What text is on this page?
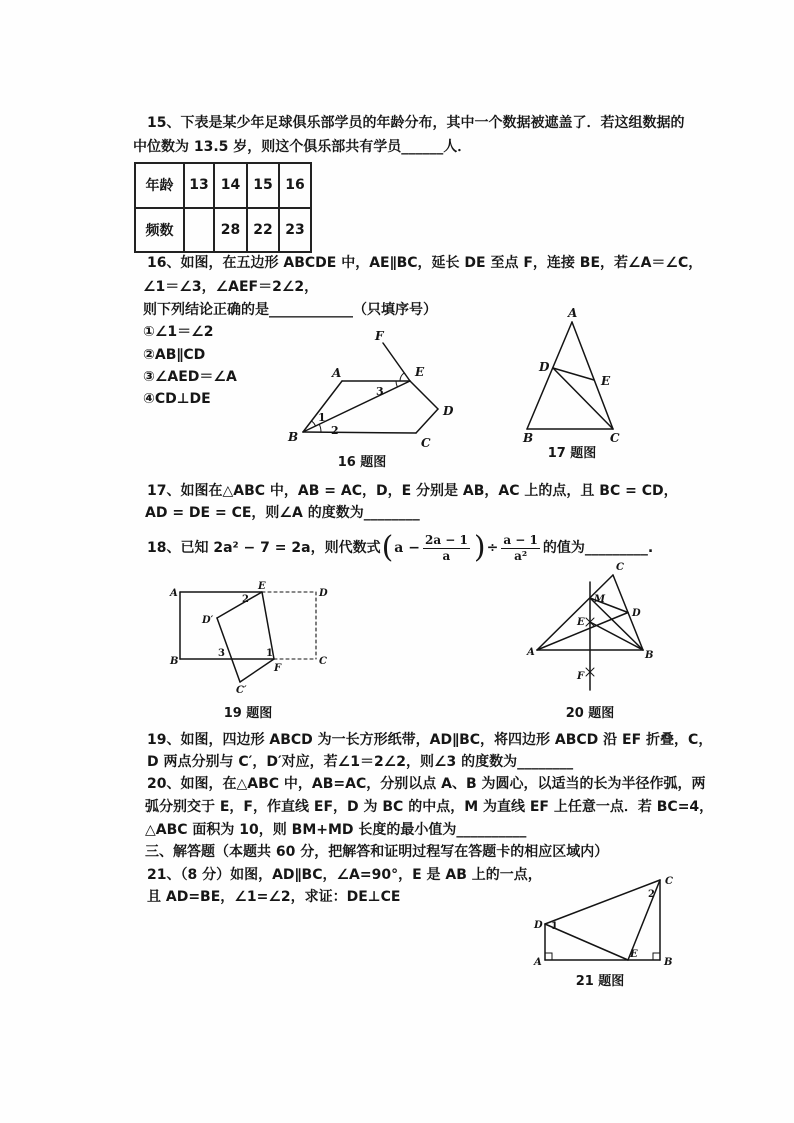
15、下表是某少年足球俱乐部学员的年龄分布，其中一个数据被遮盖了．若这组数据的
中位数为 13.5 岁，则这个俱乐部共有学员______人．
年龄	13	14	15	16
频数		28	22	23
16、如图，在五边形 ABCDE 中，AE∥BC，延长 DE 至点 F，连接 BE，若∠A＝∠C，
∠1＝∠3，∠AEF＝2∠2，
则下列结论正确的是____________（只填序号）
①∠1＝∠2
②AB∥CD
③∠AED＝∠A
④CD⊥DE
F
A	E
B	C
D
3
1
2
16 题图
A
D
E
B	C
17 题图
17、如图在△ABC 中，AB = AC，D，E 分别是 AB，AC 上的点，且 BC = CD，
AD = DE = CE，则∠A 的度数为________
18、已知 2a² − 7 = 2a，则代数式 ( $a - \frac{2a - 1}{a}$ ) ÷ $\frac{a - 1}{\text{a²}}$ 的值为 _________ .
A
E
D
D′
B
F
C
C′
2
3	1
19 题图
C
M
D
E
A	B
F
20 题图
19、如图，四边形 ABCD 为一长方形纸带，AD∥BC，将四边形 ABCD 沿 EF 折叠，C，
D 两点分别与 C′，D′对应，若∠1＝2∠2，则∠3 的度数为________
20、如图，在△ABC 中，AB=AC，分别以点 A、B 为圆心，以适当的长为半径作弧，两
弧分别交于 E，F，作直线 EF，D 为 BC 的中点，M 为直线 EF 上任意一点．若 BC=4，
△ABC 面积为 10，则 BM+MD 长度的最小值为__________
三、解答题（本题共 60 分，把解答和证明过程写在答题卡的相应区域内）
21、（8 分）如图，AD∥BC，∠A=90°，E 是 AB 上的一点，
且 AD=BE，∠1=∠2，求证：DE⊥CE
D 1
2
C
A
E
B
21 题图
